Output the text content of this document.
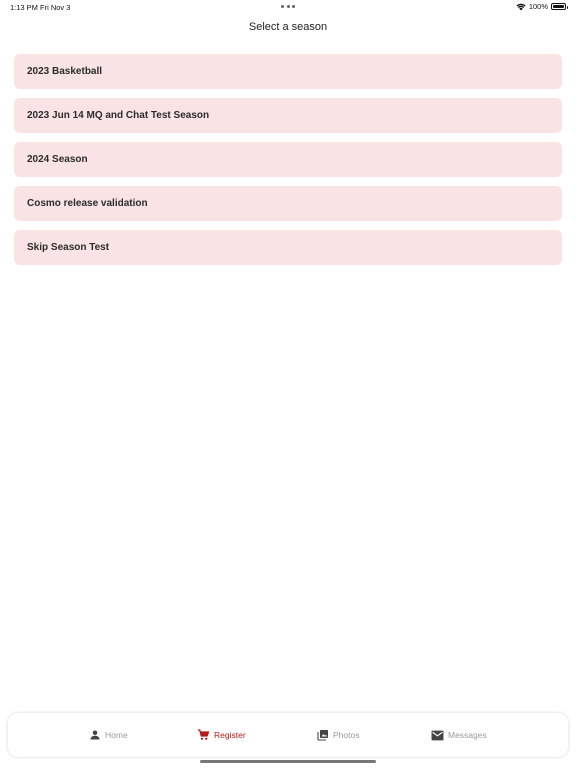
1:13 PM Fri Nov 3	100%
Select a season
2023 Basketball
2023 Jun 14 MQ and Chat Test Season
2024 Season
Cosmo release validation
Skip Season Test
Home	Register	Photos	Messages
